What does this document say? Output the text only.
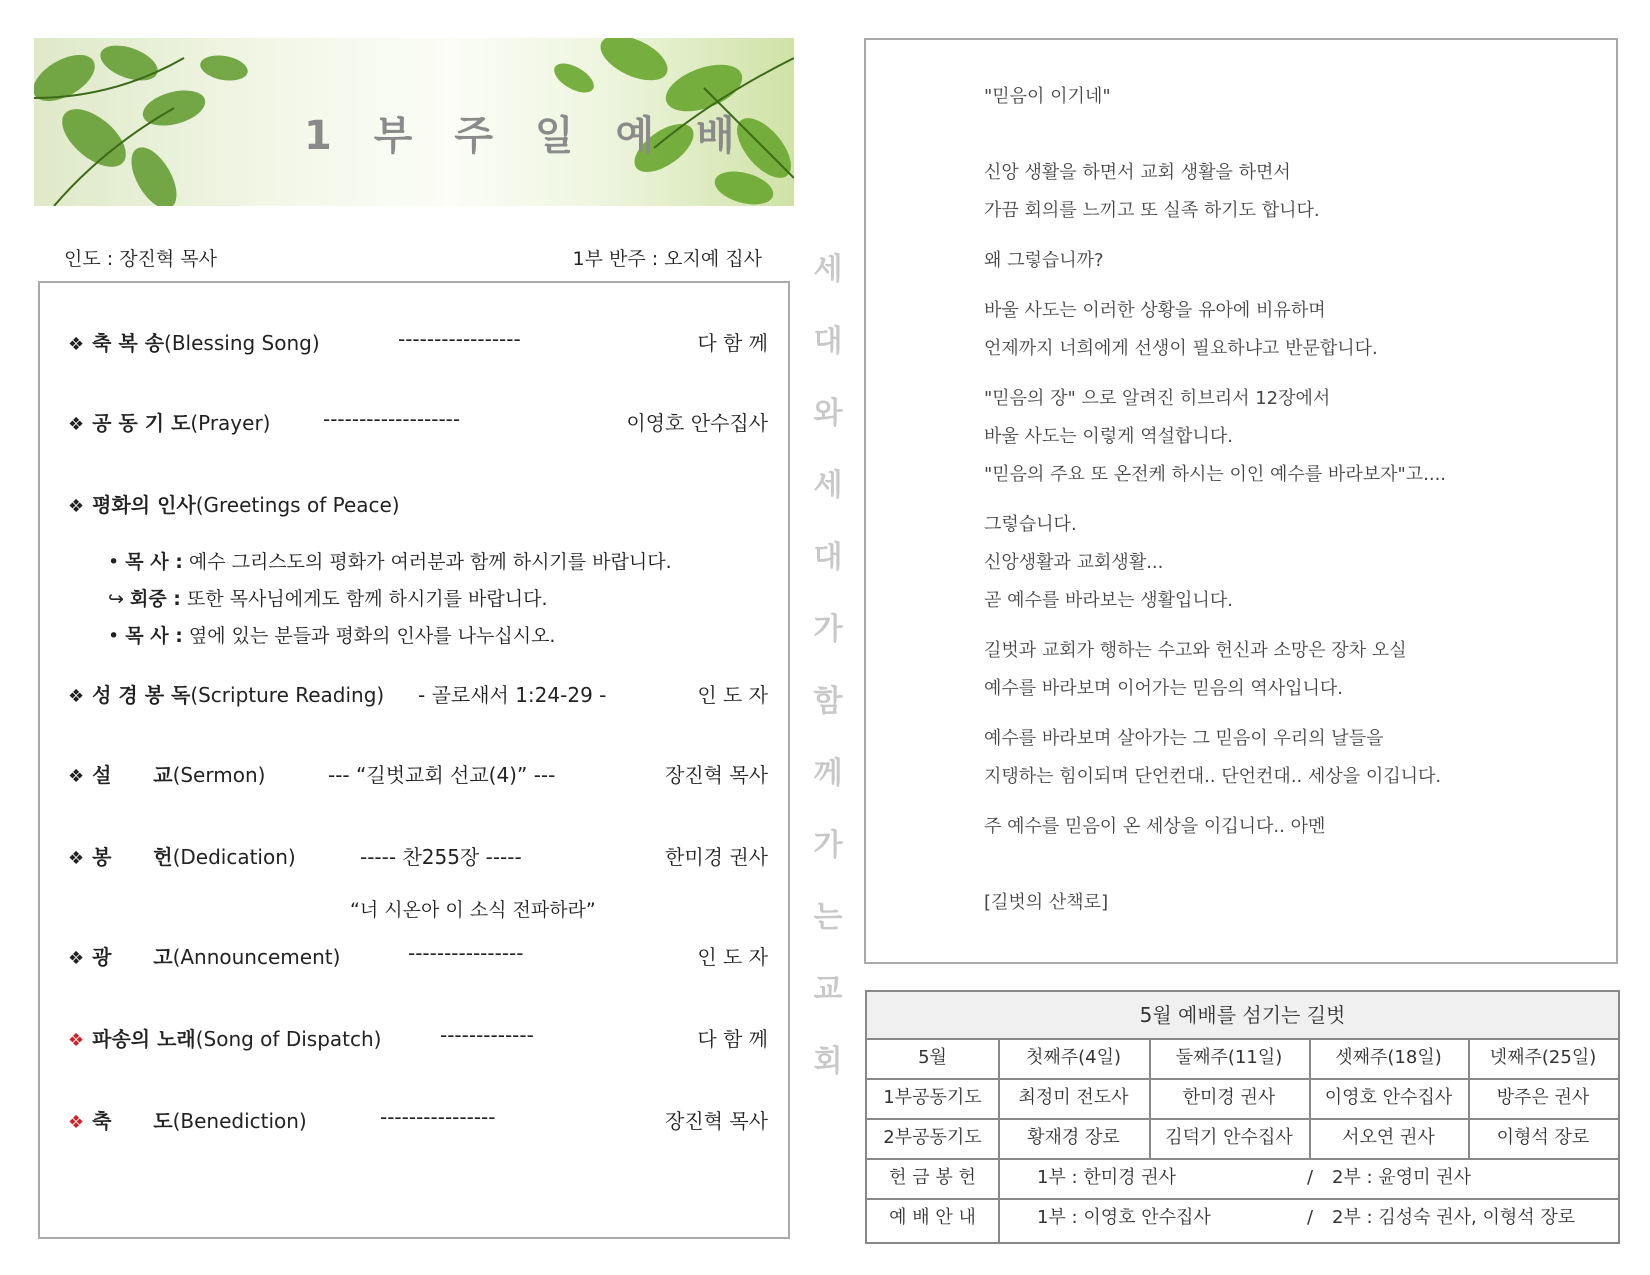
1 부 주 일 예 배
인도 : 장진혁 목사	1부 반주 : 오지예 집사
❖ 축 복 송(Blessing Song)	-----------------	다 함 께
❖ 공 동 기 도(Prayer)	-------------------	이영호 안수집사
❖ 평화의 인사(Greetings of Peace)
• 목 사 : 예수 그리스도의 평화가 여러분과 함께 하시기를 바랍니다.
↪ 회중 : 또한 목사님에게도 함께 하시기를 바랍니다.
• 목 사 : 옆에 있는 분들과 평화의 인사를 나누십시오.
❖ 성 경 봉 독(Scripture Reading) - 골로새서 1:24-29 -	인 도 자
❖ 설      교(Sermon)	--- “길벗교회 선교(4)” ---	장진혁 목사
❖ 봉      헌(Dedication)	----- 찬255장 -----	한미경 권사
“너 시온아 이 소식 전파하라”
❖ 광      고(Announcement)	----------------	인 도 자
❖ 파송의 노래(Song of Dispatch)	-------------	다 함 께
❖ 축      도(Benediction)	----------------	장진혁 목사
세
대
와
세
대
가
함
께
가
는
교
회
"믿음이 이기네"
신앙 생활을 하면서 교회 생활을 하면서
가끔 회의를 느끼고 또 실족 하기도 합니다.
왜 그렇습니까?
바울 사도는 이러한 상황을 유아에 비유하며
언제까지 너희에게 선생이 필요하냐고 반문합니다.
"믿음의 장" 으로 알려진 히브리서 12장에서
바울 사도는 이렇게 역설합니다.
"믿음의 주요 또 온전케 하시는 이인 예수를 바라보자"고....
그렇습니다.
신앙생활과 교회생활...
곧 예수를 바라보는 생활입니다.
길벗과 교회가 행하는 수고와 헌신과 소망은 장차 오실
예수를 바라보며 이어가는 믿음의 역사입니다.
예수를 바라보며 살아가는 그 믿음이 우리의 날들을
지탱하는 힘이되며 단언컨대.. 단언컨대.. 세상을 이깁니다.
주 예수를 믿음이 온 세상을 이깁니다.. 아멘
[길벗의 산책로]
5월 예배를 섬기는 길벗
5월	첫째주(4일)	둘째주(11일)	셋째주(18일)	넷째주(25일)
1부공동기도	최정미 전도사	한미경 권사	이영호 안수집사	방주은 권사
2부공동기도	황재경 장로	김덕기 안수집사	서오연 권사	이형석 장로
헌 금 봉 헌	1부 : 한미경 권사	/ 2부 : 윤영미 권사
예 배 안 내	1부 : 이영호 안수집사	/ 2부 : 김성숙 권사, 이형석 장로
